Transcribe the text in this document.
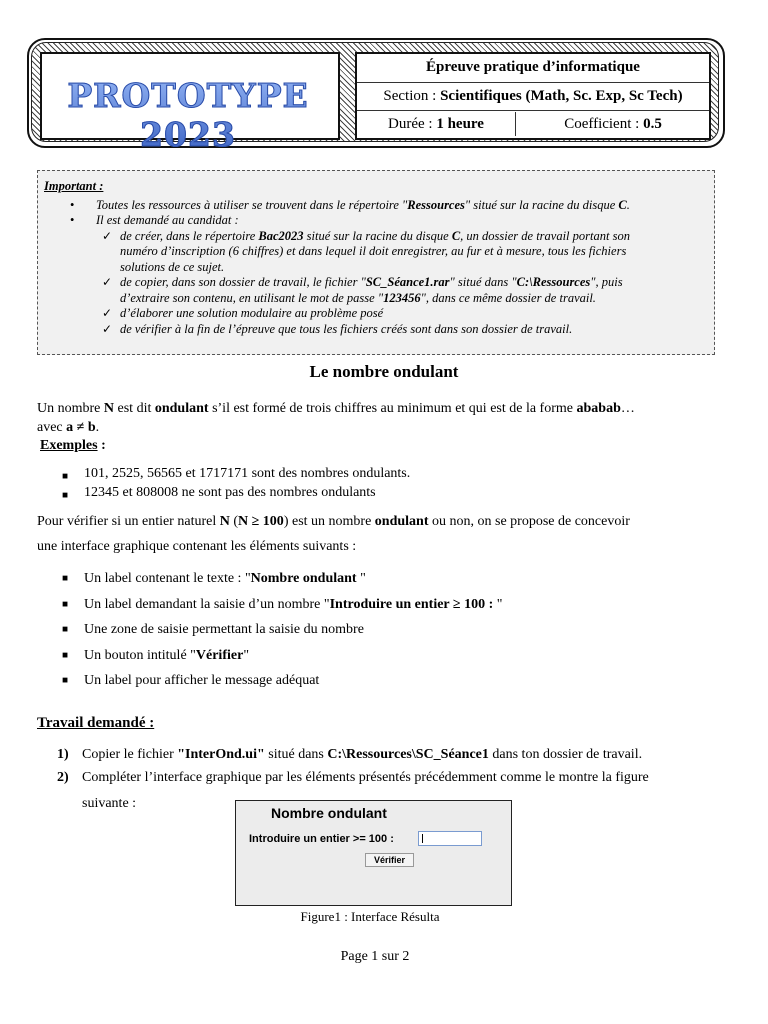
PROTOTYPE 2023
Épreuve pratique d’informatique
Section : Scientifiques (Math, Sc. Exp, Sc Tech)
Durée : 1 heure	Coefficient : 0.5
Important :
• Toutes les ressources à utiliser se trouvent dans le répertoire "Ressources" situé sur la racine du disque C.
• Il est demandé au candidat :
✓ de créer, dans le répertoire Bac2023 situé sur la racine du disque C, un dossier de travail portant son
numéro d’inscription (6 chiffres) et dans lequel il doit enregistrer, au fur et à mesure, tous les fichiers
solutions de ce sujet.
✓ de copier, dans son dossier de travail, le fichier "SC_Séance1.rar" situé dans "C:\Ressources", puis
d’extraire son contenu, en utilisant le mot de passe "123456", dans ce même dossier de travail.
✓ d’élaborer une solution modulaire au problème posé
✓ de vérifier à la fin de l’épreuve que tous les fichiers créés sont dans son dossier de travail.
Le nombre ondulant
Un nombre N est dit ondulant s’il est formé de trois chiffres au minimum et qui est de la forme ababab…
avec a ≠ b.
Exemples :
■ 101, 2525, 56565 et 1717171 sont des nombres ondulants.
■ 12345 et 808008 ne sont pas des nombres ondulants
Pour vérifier si un entier naturel N (N ≥ 100) est un nombre ondulant ou non, on se propose de concevoir
une interface graphique contenant les éléments suivants :
■ Un label contenant le texte : "Nombre ondulant "
■ Un label demandant la saisie d’un nombre "Introduire un entier ≥ 100 : "
■ Une zone de saisie permettant la saisie du nombre
■ Un bouton intitulé "Vérifier"
■ Un label pour afficher le message adéquat
Travail demandé :
1) Copier le fichier "InterOnd.ui" situé dans C:\Ressources\SC_Séance1 dans ton dossier de travail.
2) Compléter l’interface graphique par les éléments présentés précédemment comme le montre la figure
suivante :
Nombre ondulant
Introduire un entier >= 100 :
Vérifier
Figure1 : Interface Résulta
Page 1 sur 2
